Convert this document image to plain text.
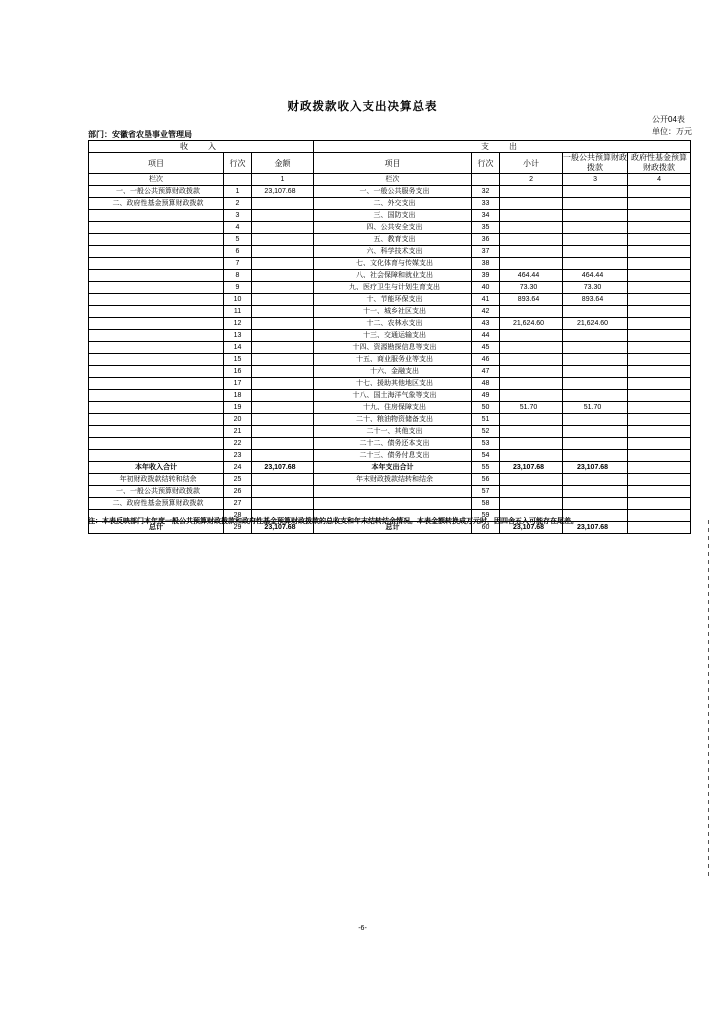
财政拨款收入支出决算总表
公开04表
单位：万元
部门：安徽省农垦事业管理局
收　入			支　出				
项目	行次	金额	项目	行次	小计	一般公共预算财政拨款	政府性基金预算财政拨款
栏次		1	栏次		2	3	4
一、一般公共预算财政拨款	1	23,107.68	一、一般公共服务支出	32			
二、政府性基金预算财政拨款	2		二、外交支出	33			
	3		三、国防支出	34			
	4		四、公共安全支出	35			
	5		五、教育支出	36			
	6		六、科学技术支出	37			
	7		七、文化体育与传媒支出	38			
	8		八、社会保障和就业支出	39	464.44	464.44	
	9		九、医疗卫生与计划生育支出	40	73.30	73.30	
	10		十、节能环保支出	41	893.64	893.64	
	11		十一、城乡社区支出	42			
	12		十二、农林水支出	43	21,624.60	21,624.60	
	13		十三、交通运输支出	44			
	14		十四、资源勘探信息等支出	45			
	15		十五、商业服务业等支出	46			
	16		十六、金融支出	47			
	17		十七、援助其他地区支出	48			
	18		十八、国土海洋气象等支出	49			
	19		十九、住房保障支出	50	51.70	51.70	
	20		二十、粮油物资储备支出	51			
	21		二十一、其他支出	52			
	22		二十二、债务还本支出	53			
	23		二十三、债务付息支出	54			
本年收入合计	24	23,107.68	本年支出合计	55	23,107.68	23,107.68	
年初财政拨款结转和结余	25		年末财政拨款结转和结余	56			
一、一般公共预算财政拨款	26			57			
二、政府性基金预算财政拨款	27			58			
	28			59			
总计	29	23,107.68	总计	60	23,107.68	23,107.68	
注：本表反映部门本年度一般公共预算财政拨款和政府性基金预算财政拨款的总收支和年末结转结余情况。本表金额转换成万元时，因四舍五入可能存在尾差。
-6-
